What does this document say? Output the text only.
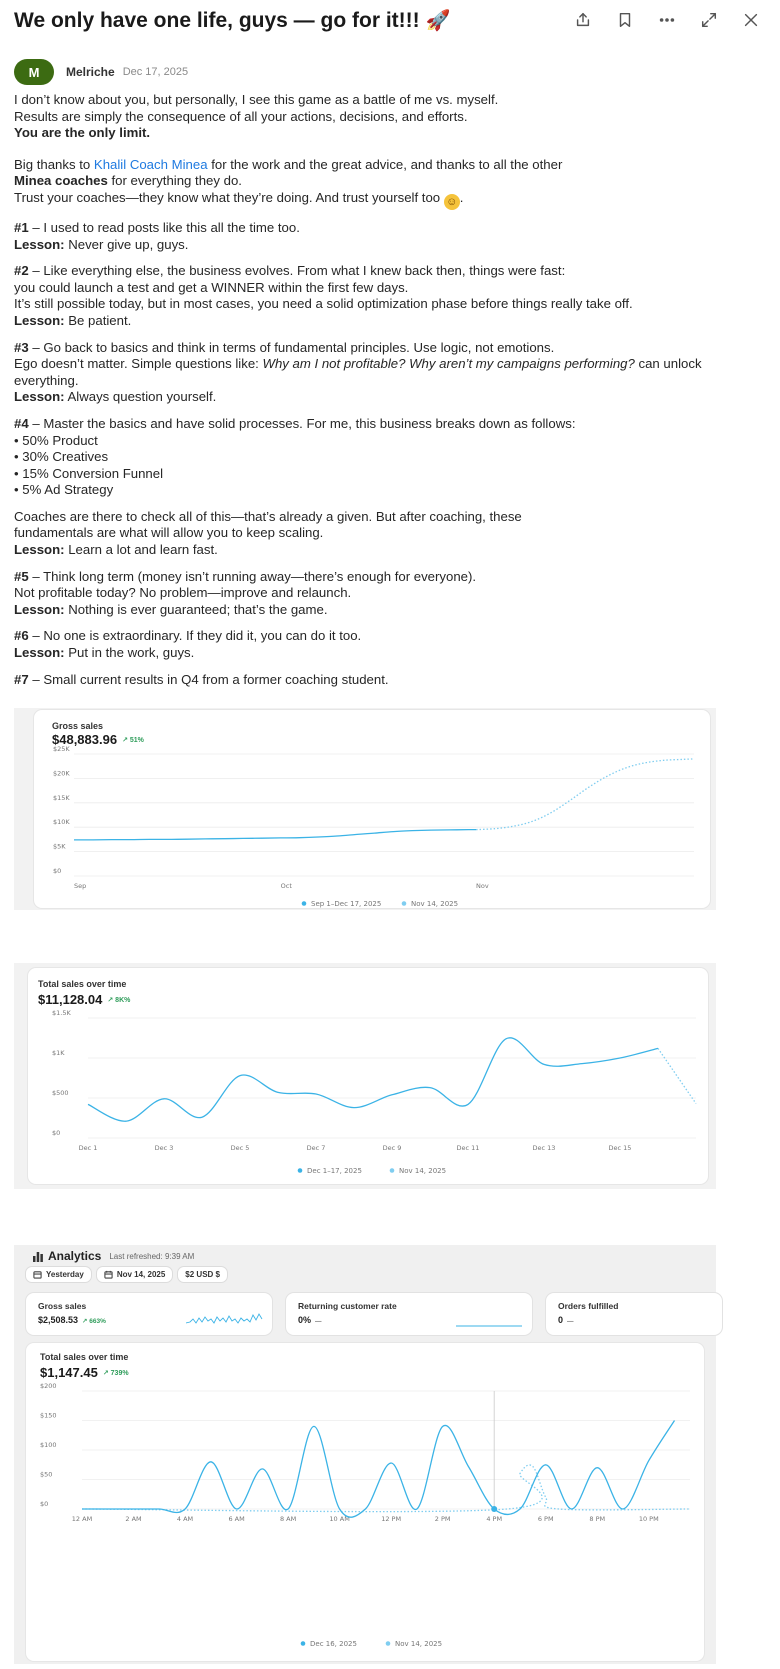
We only have one life, guys — go for it!!! 🚀
M	Melriche Dec 17, 2025

I don’t know about you, but personally, I see this game as a battle of me vs. myself.
Results are simply the consequence of all your actions, decisions, and efforts.
You are the only limit.

Big thanks to Khalil Coach Minea for the work and the great advice, and thanks to all the other
Minea coaches for everything they do.
Trust your coaches—they know what they’re doing. And trust yourself too ☺ .

#1 – I used to read posts like this all the time too.
Lesson: Never give up, guys.

#2 – Like everything else, the business evolves. From what I knew back then, things were fast:
you could launch a test and get a WINNER within the first few days.
It’s still possible today, but in most cases, you need a solid optimization phase before things really take off.
Lesson: Be patient.

#3 – Go back to basics and think in terms of fundamental principles. Use logic, not emotions.
Ego doesn’t matter. Simple questions like: Why am I not profitable? Why aren’t my campaigns performing? can unlock everything.
Lesson: Always question yourself.

#4 – Master the basics and have solid processes. For me, this business breaks down as follows:
• 50% Product
• 30% Creatives
• 15% Conversion Funnel
• 5% Ad Strategy

Coaches are there to check all of this—that’s already a given. But after coaching, these
fundamentals are what will allow you to keep scaling.
Lesson: Learn a lot and learn fast.

#5 – Think long term (money isn’t running away—there’s enough for everyone).
Not profitable today? No problem—improve and relaunch.
Lesson: Nothing is ever guaranteed; that’s the game.

#6 – No one is extraordinary. If they did it, you can do it too.
Lesson: Put in the work, guys.

#7 – Small current results in Q4 from a former coaching student.

Gross sales
$48,883.96 ↗ 51%
$25K
$20K
$15K
$10K
$5K
$0
Sep	Oct	Nov
Sep 1–Dec 17, 2025	Nov 14, 2025
Total sales over time
$11,128.04 ↗ 8K%
$1.5K
$1K
$500
$0
Dec 1	Dec 3	Dec 5	Dec 7	Dec 9	Dec 11	Dec 13	Dec 15
Dec 1–17, 2025	Nov 14, 2025
Analytics Last refreshed: 9:39 AM
Yesterday	Nov 14, 2025	$2 USD $
Gross sales
$2,508.53 ↗ 663%
Returning customer rate
0% —
Orders fulfilled
0 —
Total sales over time
$1,147.45 ↗ 739%
$200
$150
$100
$50
$0
12 AM	2 AM	4 AM	6 AM	8 AM	10 AM	12 PM	2 PM	4 PM	6 PM	8 PM	10 PM
Dec 16, 2025	Nov 14, 2025
